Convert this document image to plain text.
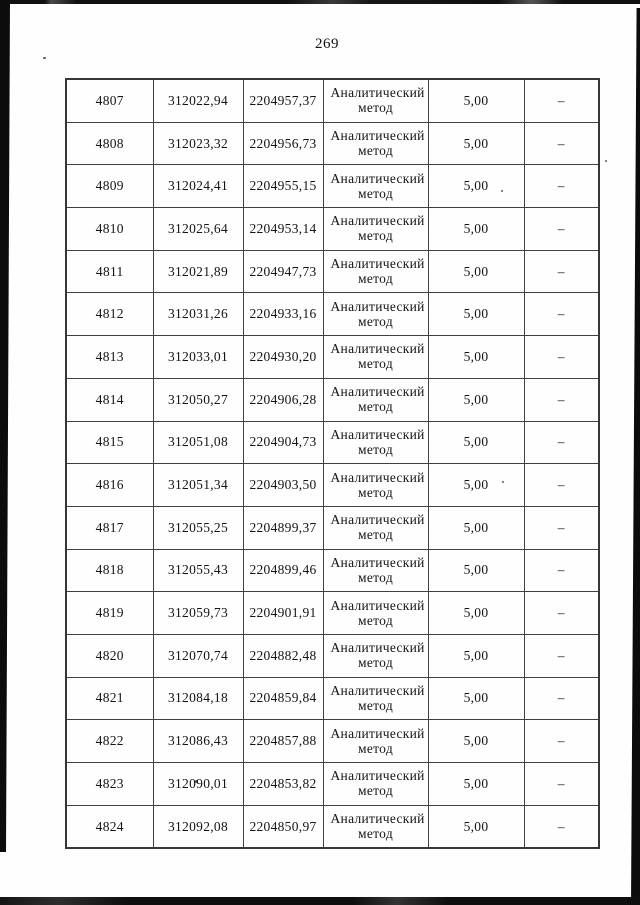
269
4807	312022,94	2204957,37	Аналитический метод	5,00	–
4808	312023,32	2204956,73	Аналитический метод	5,00	–
4809	312024,41	2204955,15	Аналитический метод	5,00	–
4810	312025,64	2204953,14	Аналитический метод	5,00	–
4811	312021,89	2204947,73	Аналитический метод	5,00	–
4812	312031,26	2204933,16	Аналитический метод	5,00	–
4813	312033,01	2204930,20	Аналитический метод	5,00	–
4814	312050,27	2204906,28	Аналитический метод	5,00	–
4815	312051,08	2204904,73	Аналитический метод	5,00	–
4816	312051,34	2204903,50	Аналитический метод	5,00	–
4817	312055,25	2204899,37	Аналитический метод	5,00	–
4818	312055,43	2204899,46	Аналитический метод	5,00	–
4819	312059,73	2204901,91	Аналитический метод	5,00	–
4820	312070,74	2204882,48	Аналитический метод	5,00	–
4821	312084,18	2204859,84	Аналитический метод	5,00	–
4822	312086,43	2204857,88	Аналитический метод	5,00	–
4823	312090,01	2204853,82	Аналитический метод	5,00	–
4824	312092,08	2204850,97	Аналитический метод	5,00	–
